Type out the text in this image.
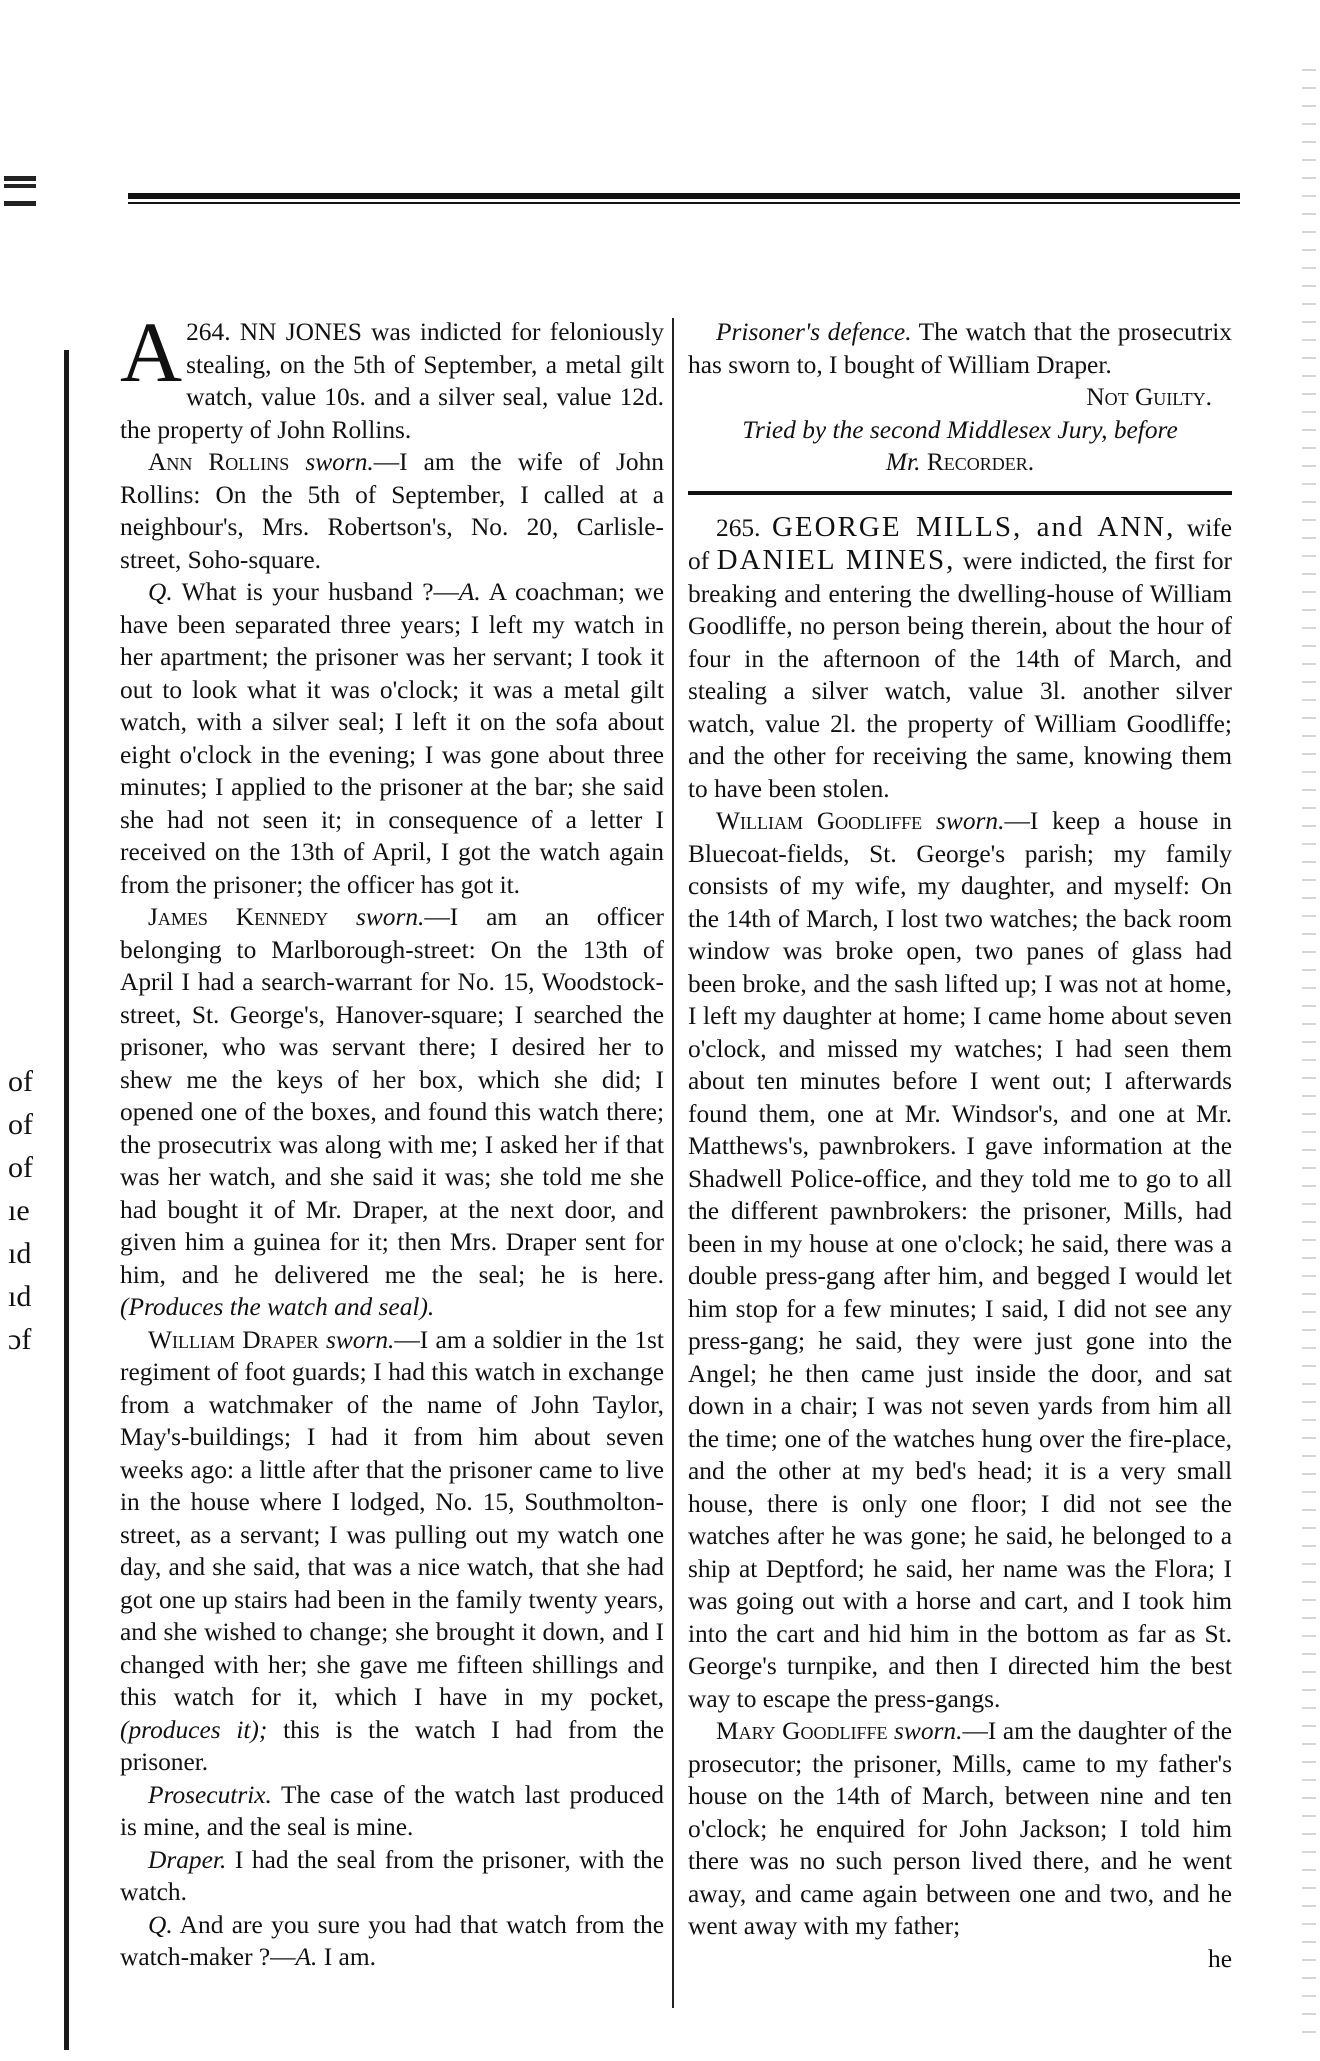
of
of
of
ıe
ıd
ıd
ɔf

A 264. NN JONES was indicted for feloniously stealing, on the 5th of September, a metal gilt watch, value 10s. and a silver seal, value 12d. the property of John Rollins.

Ann Rollins sworn.—I am the wife of John Rollins: On the 5th of September, I called at a neighbour's, Mrs. Robertson's, No. 20, Carlisle-street, Soho-square.

Q. What is your husband ?—A. A coachman; we have been separated three years; I left my watch in her apartment; the prisoner was her servant; I took it out to look what it was o'clock; it was a metal gilt watch, with a silver seal; I left it on the sofa about eight o'clock in the evening; I was gone about three minutes; I applied to the prisoner at the bar; she said she had not seen it; in consequence of a letter I received on the 13th of April, I got the watch again from the prisoner; the officer has got it.

James Kennedy sworn.—I am an officer belonging to Marlborough-street: On the 13th of April I had a search-warrant for No. 15, Woodstock-street, St. George's, Hanover-square; I searched the prisoner, who was servant there; I desired her to shew me the keys of her box, which she did; I opened one of the boxes, and found this watch there; the prosecutrix was along with me; I asked her if that was her watch, and she said it was; she told me she had bought it of Mr. Draper, at the next door, and given him a guinea for it; then Mrs. Draper sent for him, and he delivered me the seal; he is here. (Produces the watch and seal).

William Draper sworn.—I am a soldier in the 1st regiment of foot guards; I had this watch in exchange from a watchmaker of the name of John Taylor, May's-buildings; I had it from him about seven weeks ago: a little after that the prisoner came to live in the house where I lodged, No. 15, Southmolton-street, as a servant; I was pulling out my watch one day, and she said, that was a nice watch, that she had got one up stairs had been in the family twenty years, and she wished to change; she brought it down, and I changed with her; she gave me fifteen shillings and this watch for it, which I have in my pocket, (produces it); this is the watch I had from the prisoner.

Prosecutrix. The case of the watch last produced is mine, and the seal is mine.

Draper. I had the seal from the prisoner, with the watch.

Q. And are you sure you had that watch from the watch-maker ?—A. I am.

Prisoner's defence. The watch that the prosecutrix has sworn to, I bought of William Draper.

Not Guilty.

Tried by the second Middlesex Jury, before

Mr. Recorder.

265. GEORGE MILLS, and ANN, wife of DANIEL MINES, were indicted, the first for breaking and entering the dwelling-house of William Goodliffe, no person being therein, about the hour of four in the afternoon of the 14th of March, and stealing a silver watch, value 3l. another silver watch, value 2l. the property of William Goodliffe; and the other for receiving the same, knowing them to have been stolen.

William Goodliffe sworn.—I keep a house in Bluecoat-fields, St. George's parish; my family consists of my wife, my daughter, and myself: On the 14th of March, I lost two watches; the back room window was broke open, two panes of glass had been broke, and the sash lifted up; I was not at home, I left my daughter at home; I came home about seven o'clock, and missed my watches; I had seen them about ten minutes before I went out; I afterwards found them, one at Mr. Windsor's, and one at Mr. Matthews's, pawnbrokers. I gave information at the Shadwell Police-office, and they told me to go to all the different pawnbrokers: the prisoner, Mills, had been in my house at one o'clock; he said, there was a double press-gang after him, and begged I would let him stop for a few minutes; I said, I did not see any press-gang; he said, they were just gone into the Angel; he then came just inside the door, and sat down in a chair; I was not seven yards from him all the time; one of the watches hung over the fire-place, and the other at my bed's head; it is a very small house, there is only one floor; I did not see the watches after he was gone; he said, he belonged to a ship at Deptford; he said, her name was the Flora; I was going out with a horse and cart, and I took him into the cart and hid him in the bottom as far as St. George's turnpike, and then I directed him the best way to escape the press-gangs.

Mary Goodliffe sworn.—I am the daughter of the prosecutor; the prisoner, Mills, came to my father's house on the 14th of March, between nine and ten o'clock; he enquired for John Jackson; I told him there was no such person lived there, and he went away, and came again between one and two, and he went away with my father;

he
